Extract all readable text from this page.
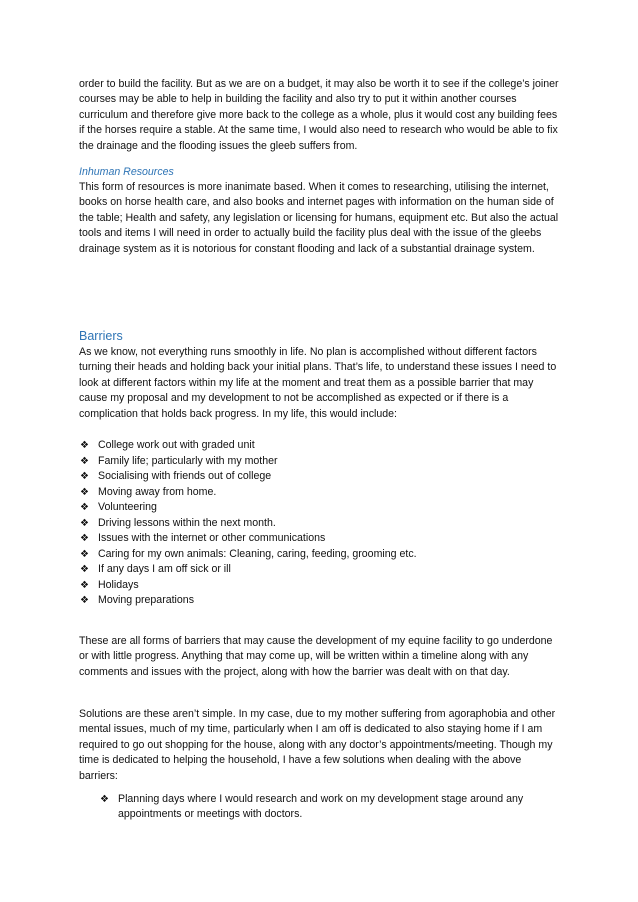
order to build the facility. But as we are on a budget, it may also be worth it to see if the college’s joiner courses may be able to help in building the facility and also try to put it within another courses curriculum and therefore give more back to the college as a whole, plus it would cost any building fees if the horses require a stable. At the same time, I would also need to research who would be able to fix the drainage and the flooding issues the gleeb suffers from.

Inhuman Resources

This form of resources is more inanimate based. When it comes to researching, utilising the internet, books on horse health care, and also books and internet pages with information on the human side of the table; Health and safety, any legislation or licensing for humans, equipment etc. But also the actual tools and items I will need in order to actually build the facility plus deal with the issue of the gleebs drainage system as it is notorious for constant flooding and lack of a substantial drainage system.

Barriers

As we know, not everything runs smoothly in life. No plan is accomplished without different factors turning their heads and holding back your initial plans. That’s life, to understand these issues I need to look at different factors within my life at the moment and treat them as a possible barrier that may cause my proposal and my development to not be accomplished as expected or if there is a complication that holds back progress. In my life, this would include:

❖ College work out with graded unit
❖ Family life; particularly with my mother
❖ Socialising with friends out of college
❖ Moving away from home.
❖ Volunteering
❖ Driving lessons within the next month.
❖ Issues with the internet or other communications
❖ Caring for my own animals: Cleaning, caring, feeding, grooming etc.
❖ If any days I am off sick or ill
❖ Holidays
❖ Moving preparations

These are all forms of barriers that may cause the development of my equine facility to go underdone or with little progress. Anything that may come up, will be written within a timeline along with any comments and issues with the project, along with how the barrier was dealt with on that day.

Solutions are these aren’t simple. In my case, due to my mother suffering from agoraphobia and other mental issues, much of my time, particularly when I am off is dedicated to also staying home if I am required to go out shopping for the house, along with any doctor’s appointments/meeting. Though my time is dedicated to helping the household, I have a few solutions when dealing with the above barriers:

❖ Planning days where I would research and work on my development stage around any appointments or meetings with doctors.
